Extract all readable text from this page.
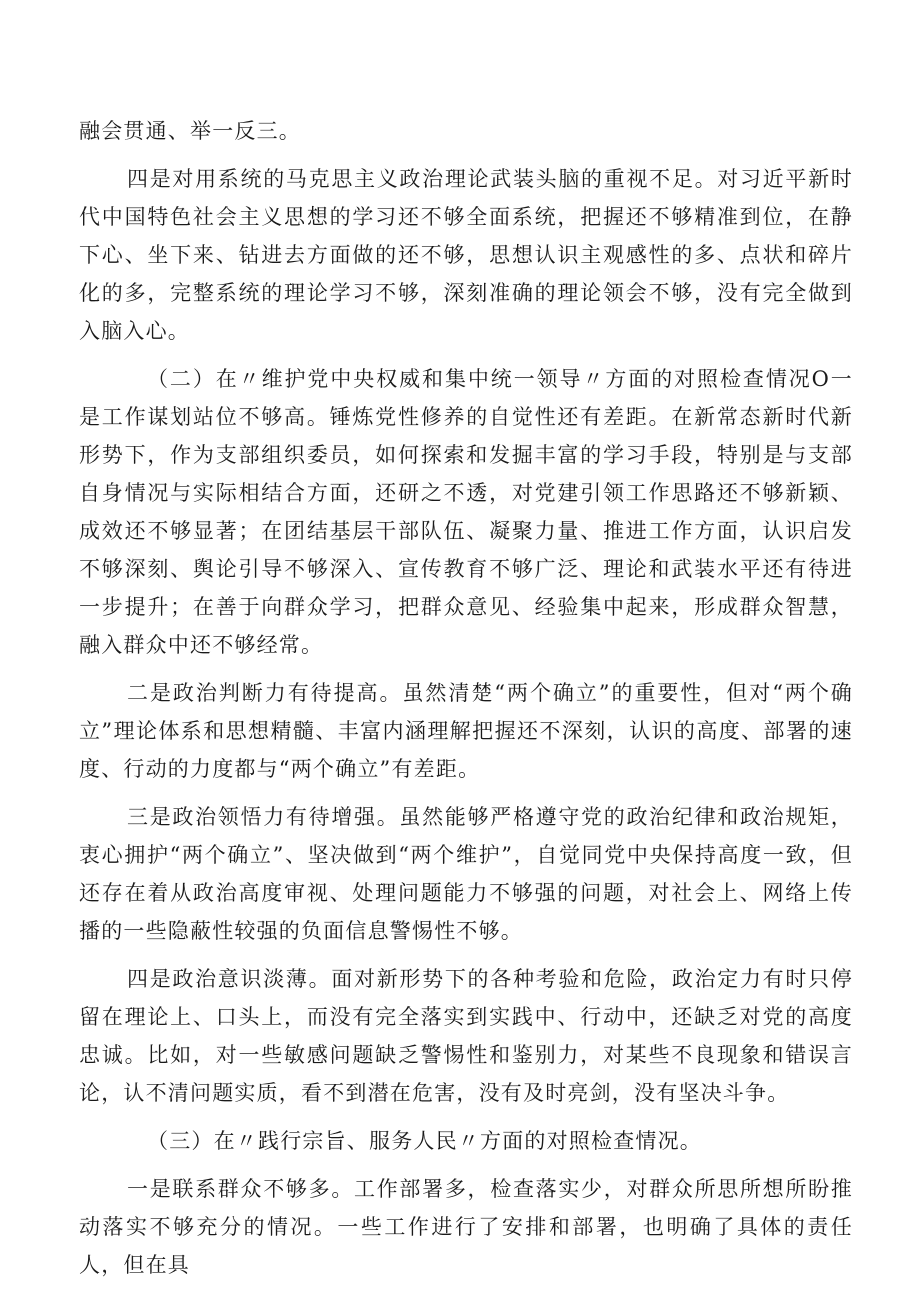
融会贯通、举一反三。

四是对用系统的马克思主义政治理论武装头脑的重视不足。对习近平新时代中国特色社会主义思想的学习还不够全面系统，把握还不够精准到位，在静下心、坐下来、钻进去方面做的还不够，思想认识主观感性的多、点状和碎片化的多，完整系统的理论学习不够，深刻准确的理论领会不够，没有完全做到入脑入心。

（二）在〃维护党中央权威和集中统一领导〃方面的对照检查情况O一是工作谋划站位不够高。锤炼党性修养的自觉性还有差距。在新常态新时代新形势下，作为支部组织委员，如何探索和发掘丰富的学习手段，特别是与支部自身情况与实际相结合方面，还研之不透，对党建引领工作思路还不够新颖、成效还不够显著；在团结基层干部队伍、凝聚力量、推进工作方面，认识启发不够深刻、舆论引导不够深入、宣传教育不够广泛、理论和武装水平还有待进一步提升；在善于向群众学习，把群众意见、经验集中起来，形成群众智慧，融入群众中还不够经常。

二是政治判断力有待提高。虽然清楚“两个确立”的重要性，但对“两个确立”理论体系和思想精髓、丰富内涵理解把握还不深刻，认识的高度、部署的速度、行动的力度都与“两个确立”有差距。

三是政治领悟力有待增强。虽然能够严格遵守党的政治纪律和政治规矩，衷心拥护“两个确立”、坚决做到“两个维护”，自觉同党中央保持高度一致，但还存在着从政治高度审视、处理问题能力不够强的问题，对社会上、网络上传播的一些隐蔽性较强的负面信息警惕性不够。

四是政治意识淡薄。面对新形势下的各种考验和危险，政治定力有时只停留在理论上、口头上，而没有完全落实到实践中、行动中，还缺乏对党的高度忠诚。比如，对一些敏感问题缺乏警惕性和鉴别力，对某些不良现象和错误言论，认不清问题实质，看不到潜在危害，没有及时亮剑，没有坚决斗争。

（三）在〃践行宗旨、服务人民〃方面的对照检查情况。

一是联系群众不够多。工作部署多，检查落实少，对群众所思所想所盼推动落实不够充分的情况。一些工作进行了安排和部署，也明确了具体的责任人，但在具
